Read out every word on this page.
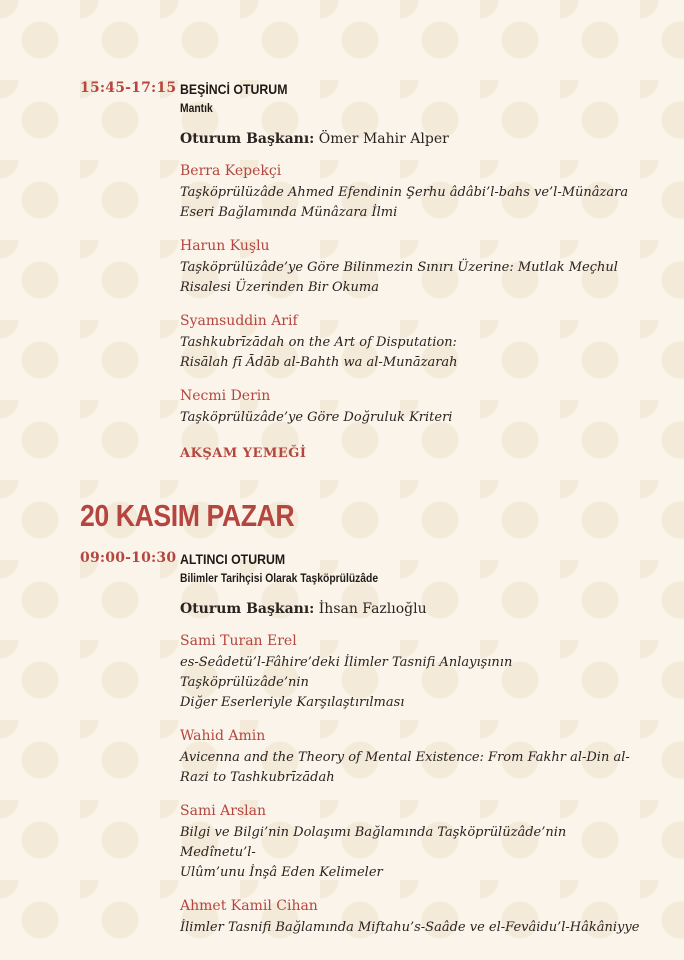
15:45-17:15 BEŞİNCİ OTURUM
Mantık
Oturum Başkanı: Ömer Mahir Alper
Berra Kepekçi
Taşköprülüzâde Ahmed Efendinin Şerhu âdâbi’l-bahs ve’l-Münâzara
Eseri Bağlamında Münâzara İlmi
Harun Kuşlu
Taşköprülüzâde’ye Göre Bilinmezin Sınırı Üzerine: Mutlak Meçhul
Risalesi Üzerinden Bir Okuma
Syamsuddin Arif
Tashkubrīzādah on the Art of Disputation:
Risālah fī Ādāb al-Bahth wa al-Munāzarah
Necmi Derin
Taşköprülüzâde’ye Göre Doğruluk Kriteri
AKŞAM YEMEĞİ
20 KASIM PAZAR
09:00-10:30 ALTINCI OTURUM
Bilimler Tarihçisi Olarak Taşköprülüzâde
Oturum Başkanı: İhsan Fazlıoğlu
Sami Turan Erel
es-Seâdetü’l-Fâhire’deki İlimler Tasnifi Anlayışının Taşköprülüzâde’nin
Diğer Eserleriyle Karşılaştırılması
Wahid Amin
Avicenna and the Theory of Mental Existence: From Fakhr al-Din al-
Razi to Tashkubrīzādah
Sami Arslan
Bilgi ve Bilgi’nin Dolaşımı Bağlamında Taşköprülüzâde’nin Medînetu’l-
Ulûm’unu İnşâ Eden Kelimeler
Ahmet Kamil Cihan
İlimler Tasnifi Bağlamında Miftahu’s-Saâde ve el-Fevâidu’l-Hâkâniyye
